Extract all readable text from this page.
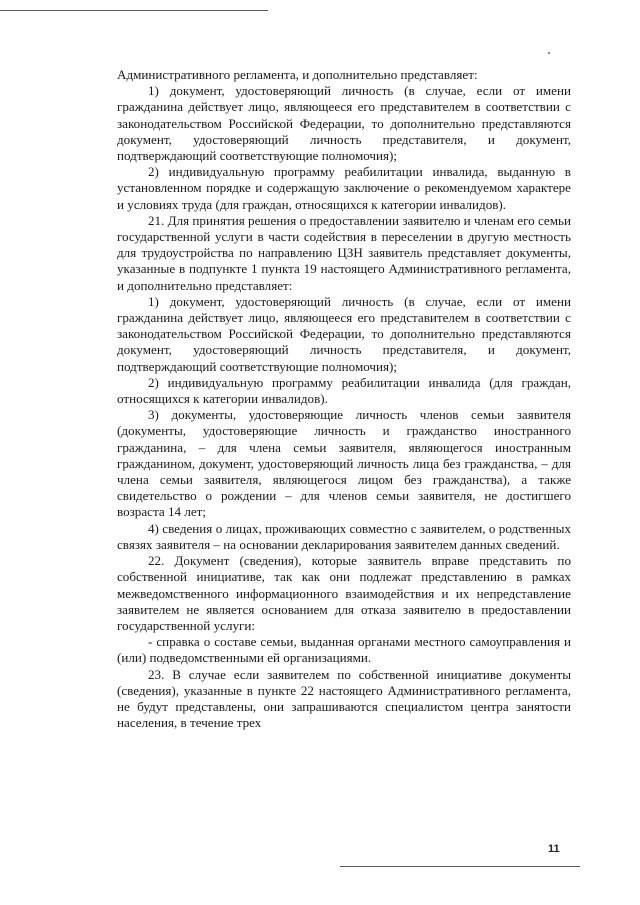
Административного регламента, и дополнительно представляет:

1) документ, удостоверяющий личность (в случае, если от имени гражданина действует лицо, являющееся его представителем в соответствии с законодательством Российской Федерации, то дополнительно представляются документ, удостоверяющий личность представителя, и документ, подтверждающий соответствующие полномочия);

2) индивидуальную программу реабилитации инвалида, выданную в установленном порядке и содержащую заключение о рекомендуемом характере и условиях труда (для граждан, относящихся к категории инвалидов).

21. Для принятия решения о предоставлении заявителю и членам его семьи государственной услуги в части содействия в переселении в другую местность для трудоустройства по направлению ЦЗН заявитель представляет документы, указанные в подпункте 1 пункта 19 настоящего Административного регламента, и дополнительно представляет:

1) документ, удостоверяющий личность (в случае, если от имени гражданина действует лицо, являющееся его представителем в соответствии с законодательством Российской Федерации, то дополнительно представляются документ, удостоверяющий личность представителя, и документ, подтверждающий соответствующие полномочия);

2) индивидуальную программу реабилитации инвалида (для граждан, относящихся к категории инвалидов).

3) документы, удостоверяющие личность членов семьи заявителя (документы, удостоверяющие личность и гражданство иностранного гражданина, – для члена семьи заявителя, являющегося иностранным гражданином, документ, удостоверяющий личность лица без гражданства, – для члена семьи заявителя, являющегося лицом без гражданства), а также свидетельство о рождении – для членов семьи заявителя, не достигшего возраста 14 лет;

4) сведения о лицах, проживающих совместно с заявителем, о родственных связях заявителя – на основании декларирования заявителем данных сведений.

22. Документ (сведения), которые заявитель вправе представить по собственной инициативе, так как они подлежат представлению в рамках межведомственного информационного взаимодействия и их непредставление заявителем не является основанием для отказа заявителю в предоставлении государственной услуги:

- справка о составе семьи, выданная органами местного самоуправления и (или) подведомственными ей организациями.

23. В случае если заявителем по собственной инициативе документы (сведения), указанные в пункте 22 настоящего Административного регламента, не будут представлены, они запрашиваются специалистом центра занятости населения, в течение трех

11
